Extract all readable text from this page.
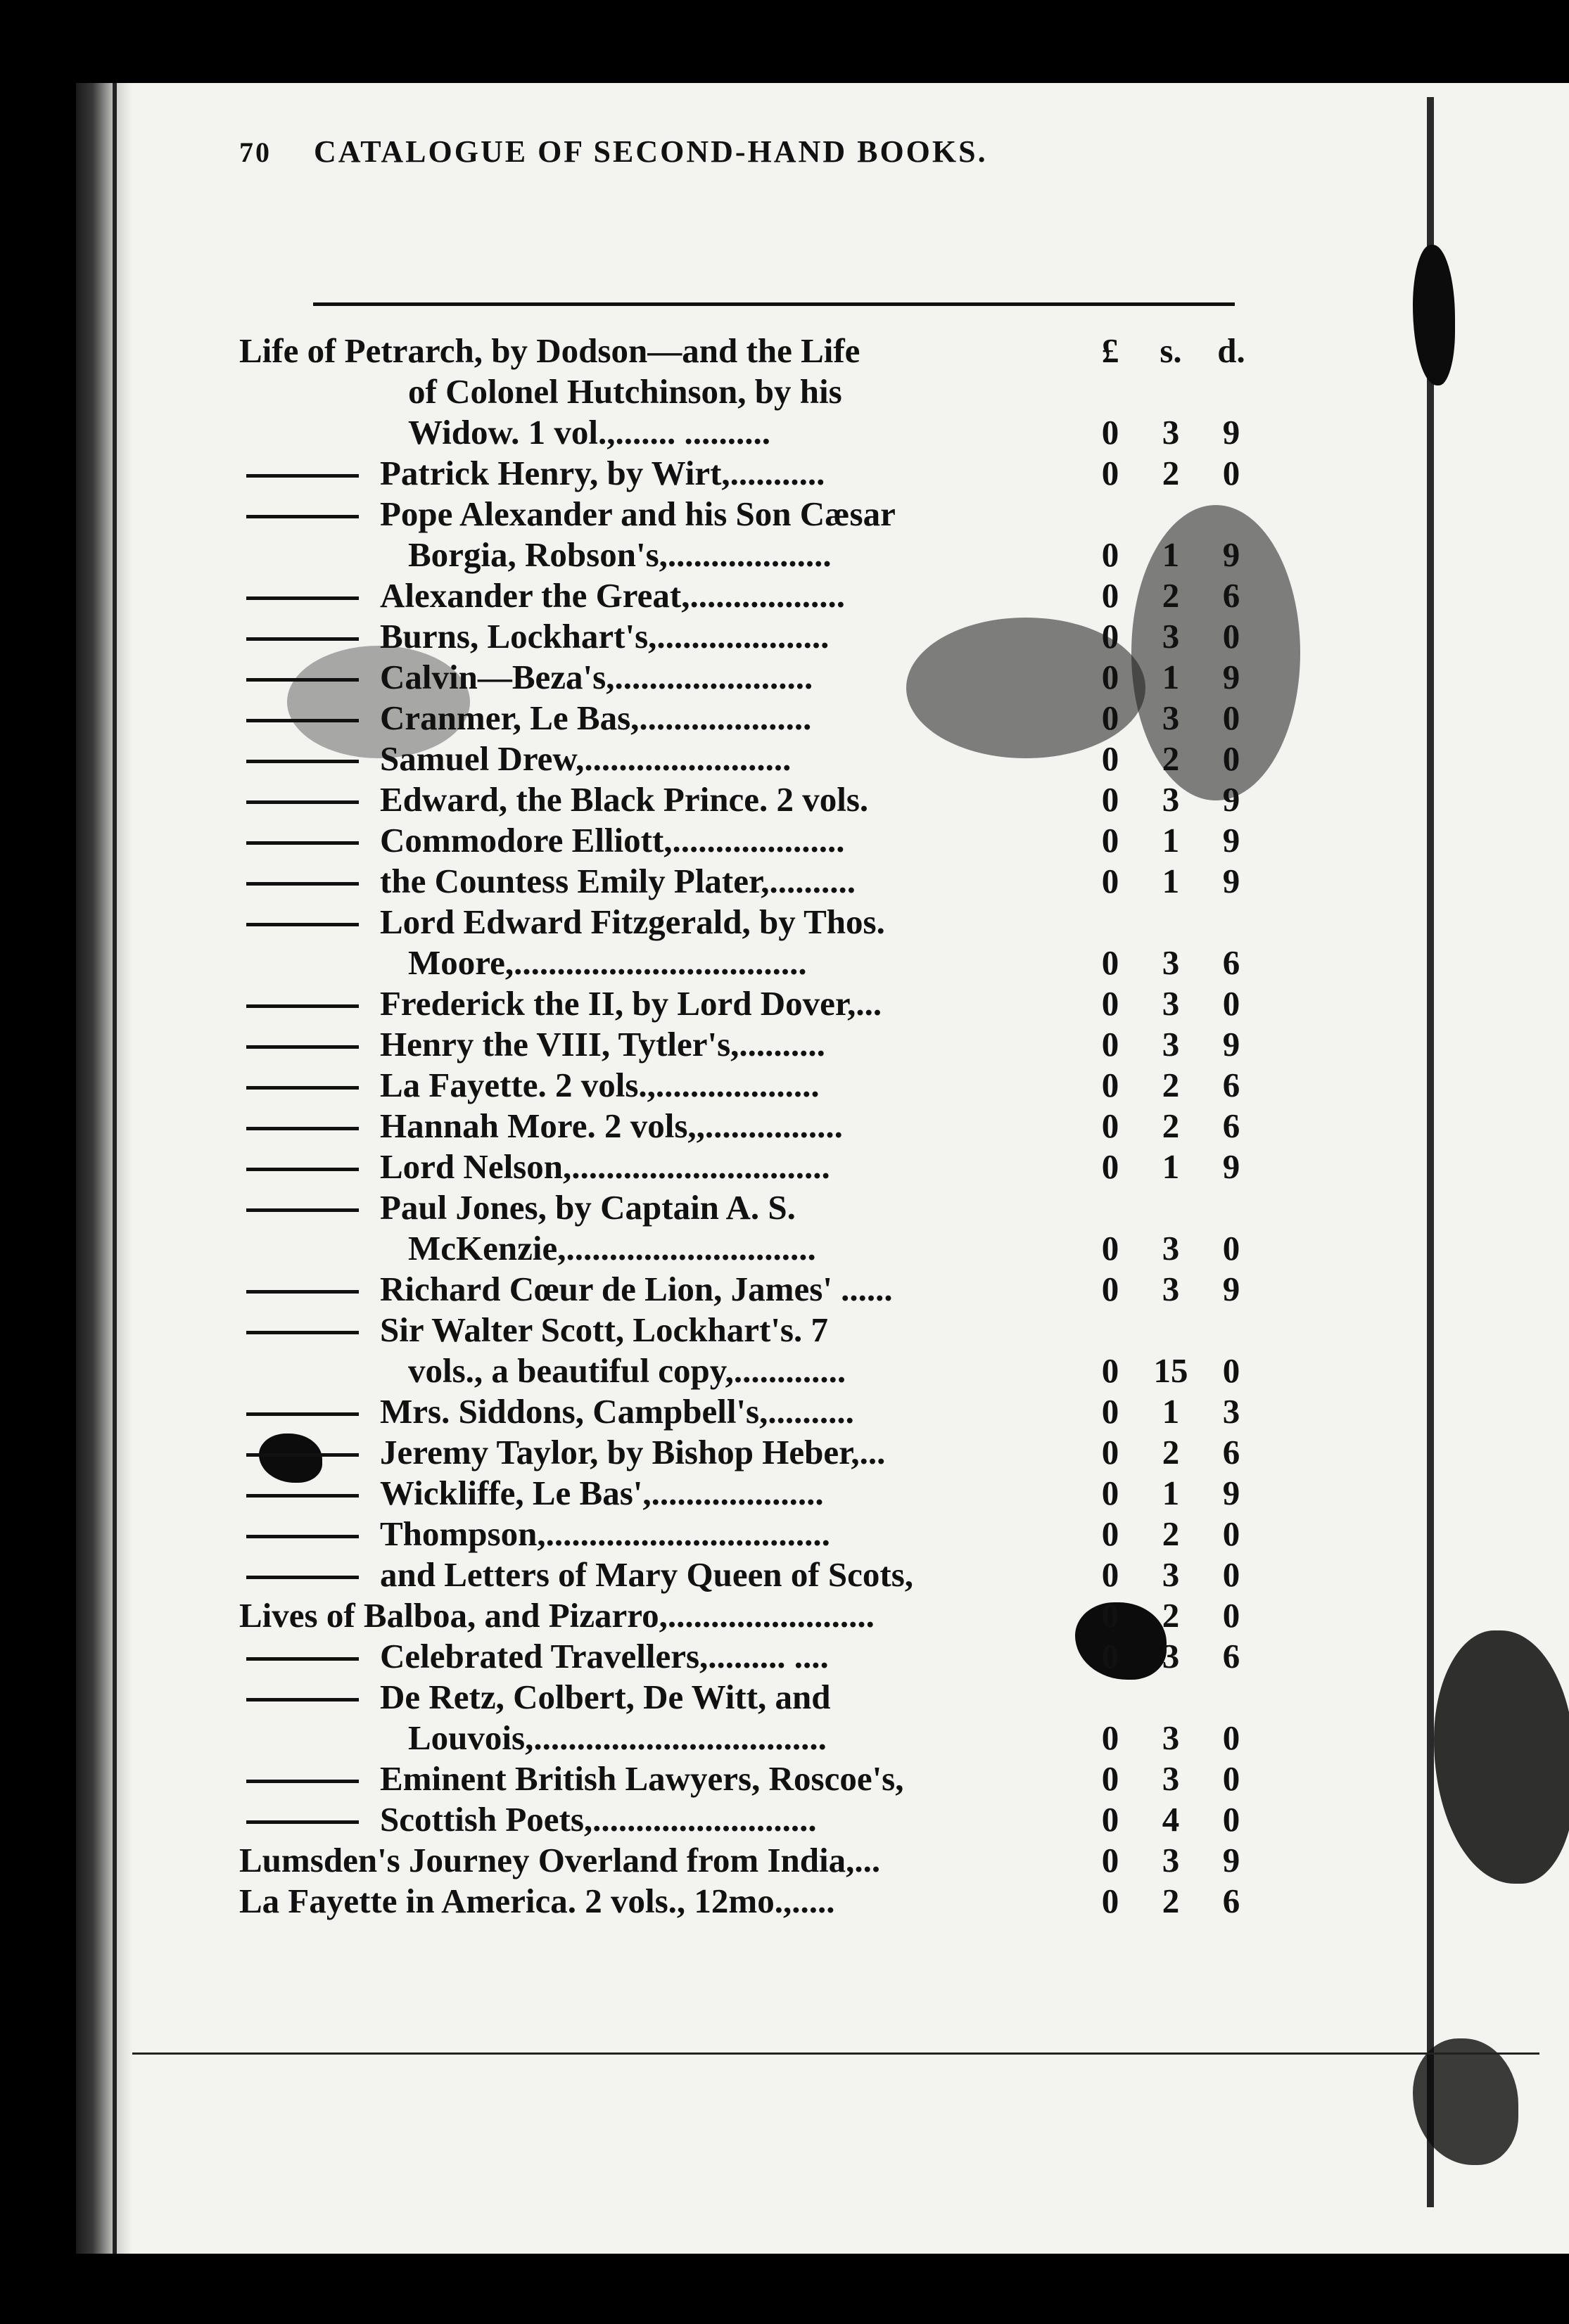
70 CATALOGUE OF SECOND-HAND BOOKS.
Life of Petrarch, by Dodson—and the Life	£	s.	d.
of Colonel Hutchinson, by his
Widow. 1 vol.,....... ..........	0	3	9
Patrick Henry, by Wirt,...........	0	2	0
Pope Alexander and his Son Cæsar
Borgia, Robson's,...................	0	1	9
Alexander the Great,..................	0	2	6
Burns, Lockhart's,....................	0	3	0
Calvin—Beza's,.......................	0	1	9
Cranmer, Le Bas,....................	0	3	0
Samuel Drew,........................	0	2	0
Edward, the Black Prince. 2 vols.	0	3	9
Commodore Elliott,....................	0	1	9
the Countess Emily Plater,..........	0	1	9
Lord Edward Fitzgerald, by Thos.
Moore,..................................	0	3	6
Frederick the II, by Lord Dover,...	0	3	0
Henry the VIII, Tytler's,..........	0	3	9
La Fayette. 2 vols.,...................	0	2	6
Hannah More. 2 vols,,................	0	2	6
Lord Nelson,..............................	0	1	9
Paul Jones, by Captain A. S.
McKenzie,.............................	0	3	0
Richard Cœur de Lion, James' ......	0	3	9
Sir Walter Scott, Lockhart's. 7
vols., a beautiful copy,.............	0	15	0
Mrs. Siddons, Campbell's,..........	0	1	3
Jeremy Taylor, by Bishop Heber,...	0	2	6
Wickliffe, Le Bas',....................	0	1	9
Thompson,.................................	0	2	0
and Letters of Mary Queen of Scots,	0	3	0
Lives of Balboa, and Pizarro,........................	0	2	0
Celebrated Travellers,......... ....	0	3	6
De Retz, Colbert, De Witt, and
Louvois,..................................	0	3	0
Eminent British Lawyers, Roscoe's,	0	3	0
Scottish Poets,..........................	0	4	0
Lumsden's Journey Overland from India,...	0	3	9
La Fayette in America. 2 vols., 12mo.,.....	0	2	6
